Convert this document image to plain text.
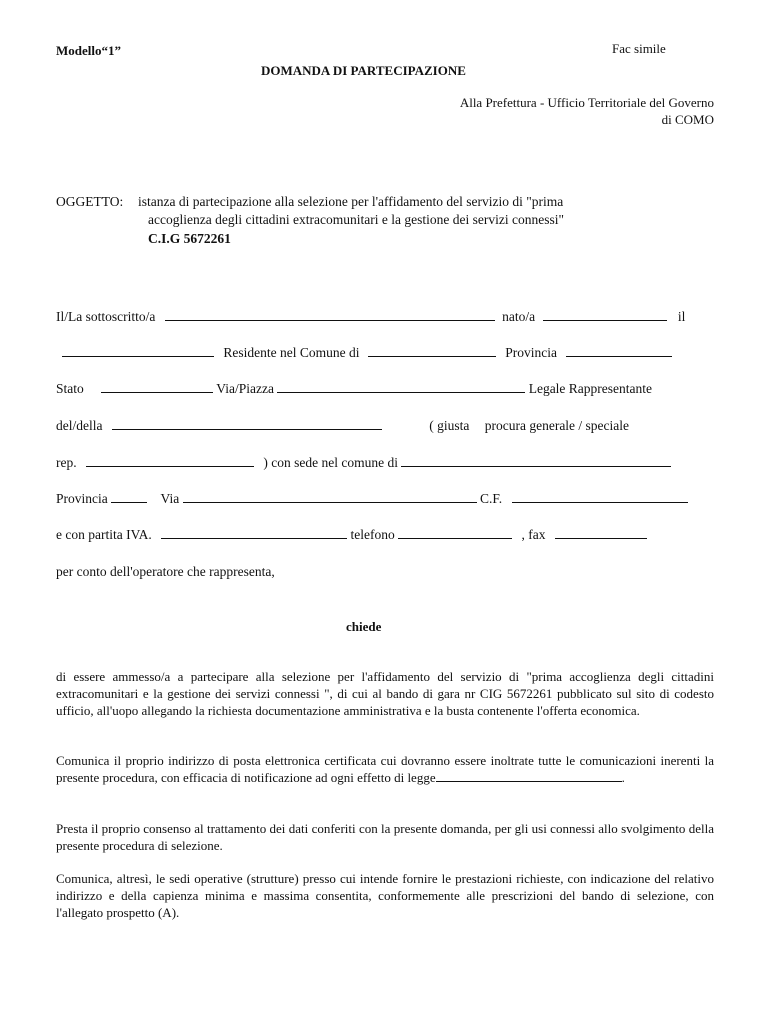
Modello“1”	Fac simile
DOMANDA DI PARTECIPAZIONE
Alla Prefettura - Ufficio Territoriale del Governo
di COMO
OGGETTO: istanza di partecipazione alla selezione per l'affidamento del servizio di "prima
accoglienza degli cittadini extracomunitari e la gestione dei servizi connessi"
C.I.G 5672261
Il/La sottoscritto/a	nato/a	il
Residente nel Comune di	Provincia
Stato	Via/Piazza	Legale Rappresentante
del/della	( giusta procura generale / speciale
rep.	) con sede nel comune di
Provincia	Via	C.F.
e con partita IVA.	telefono	, fax
per conto dell'operatore che rappresenta,
chiede
di essere ammesso/a a partecipare alla selezione per l'affidamento del servizio di "prima accoglienza degli cittadini extracomunitari e la gestione dei servizi connessi ", di cui al bando di gara nr CIG 5672261 pubblicato sul sito di codesto ufficio, all'uopo allegando la richiesta documentazione amministrativa e la busta contenente l'offerta economica.
Comunica il proprio indirizzo di posta elettronica certificata cui dovranno essere inoltrate tutte le comunicazioni inerenti la presente procedura, con efficacia di notificazione ad ogni effetto di legge	.
Presta il proprio consenso al trattamento dei dati conferiti con la presente domanda, per gli usi connessi allo svolgimento della presente procedura di selezione.
Comunica, altresì, le sedi operative (strutture) presso cui intende fornire le prestazioni richieste, con indicazione del relativo indirizzo e della capienza minima e massima consentita, conformemente alle prescrizioni del bando di selezione, con l'allegato prospetto (A).
